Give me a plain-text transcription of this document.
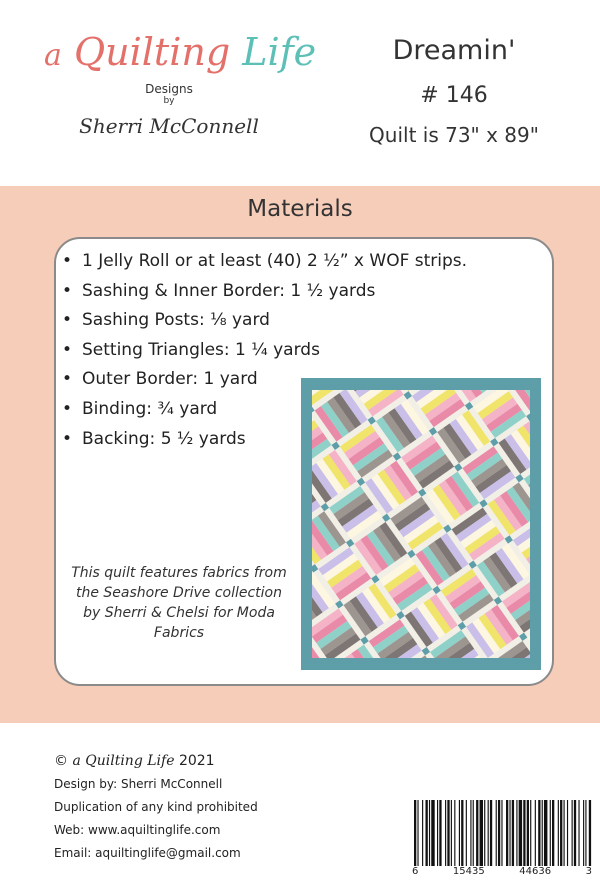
a Quilting Life
Designs
by
Sherri McConnell
Dreamin'
# 146
Quilt is 73" x 89"
Materials
• 1 Jelly Roll or at least (40) 2 ½” x WOF strips.
• Sashing & Inner Border: 1 ½ yards
• Sashing Posts: ⅛ yard
• Setting Triangles: 1 ¼ yards
• Outer Border: 1 yard
• Binding: ¾ yard
• Backing: 5 ½ yards
This quilt features fabrics from the Seashore Drive collection by Sherri & Chelsi for Moda Fabrics
© a Quilting Life 2021
Design by: Sherri McConnell
Duplication of any kind prohibited
Web: www.aquiltinglife.com
Email: aquiltinglife@gmail.com
6	15435	44636	3
